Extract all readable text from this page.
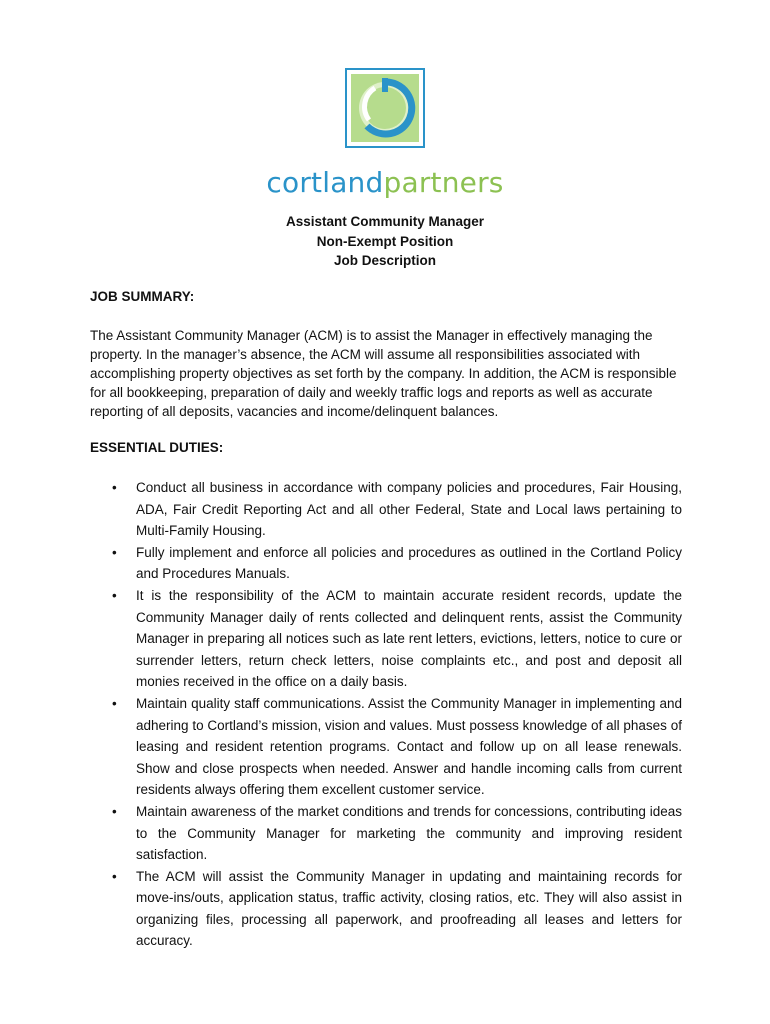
cortlandpartners
Assistant Community Manager
Non-Exempt Position
Job Description
JOB SUMMARY:

The Assistant Community Manager (ACM) is to assist the Manager in effectively managing the property. In the manager’s absence, the ACM will assume all responsibilities associated with accomplishing property objectives as set forth by the company. In addition, the ACM is responsible for all bookkeeping, preparation of daily and weekly traffic logs and reports as well as accurate reporting of all deposits, vacancies and income/delinquent balances.

ESSENTIAL DUTIES:
• Conduct all business in accordance with company policies and procedures, Fair Housing, ADA, Fair Credit Reporting Act and all other Federal, State and Local laws pertaining to Multi-Family Housing.
• Fully implement and enforce all policies and procedures as outlined in the Cortland Policy and Procedures Manuals.
• It is the responsibility of the ACM to maintain accurate resident records, update the Community Manager daily of rents collected and delinquent rents, assist the Community Manager in preparing all notices such as late rent letters, evictions, letters, notice to cure or surrender letters, return check letters, noise complaints etc., and post and deposit all monies received in the office on a daily basis.
• Maintain quality staff communications. Assist the Community Manager in implementing and adhering to Cortland’s mission, vision and values. Must possess knowledge of all phases of leasing and resident retention programs. Contact and follow up on all lease renewals. Show and close prospects when needed. Answer and handle incoming calls from current residents always offering them excellent customer service.
• Maintain awareness of the market conditions and trends for concessions, contributing ideas to the Community Manager for marketing the community and improving resident satisfaction.
• The ACM will assist the Community Manager in updating and maintaining records for move-ins/outs, application status, traffic activity, closing ratios, etc. They will also assist in organizing files, processing all paperwork, and proofreading all leases and letters for accuracy.
